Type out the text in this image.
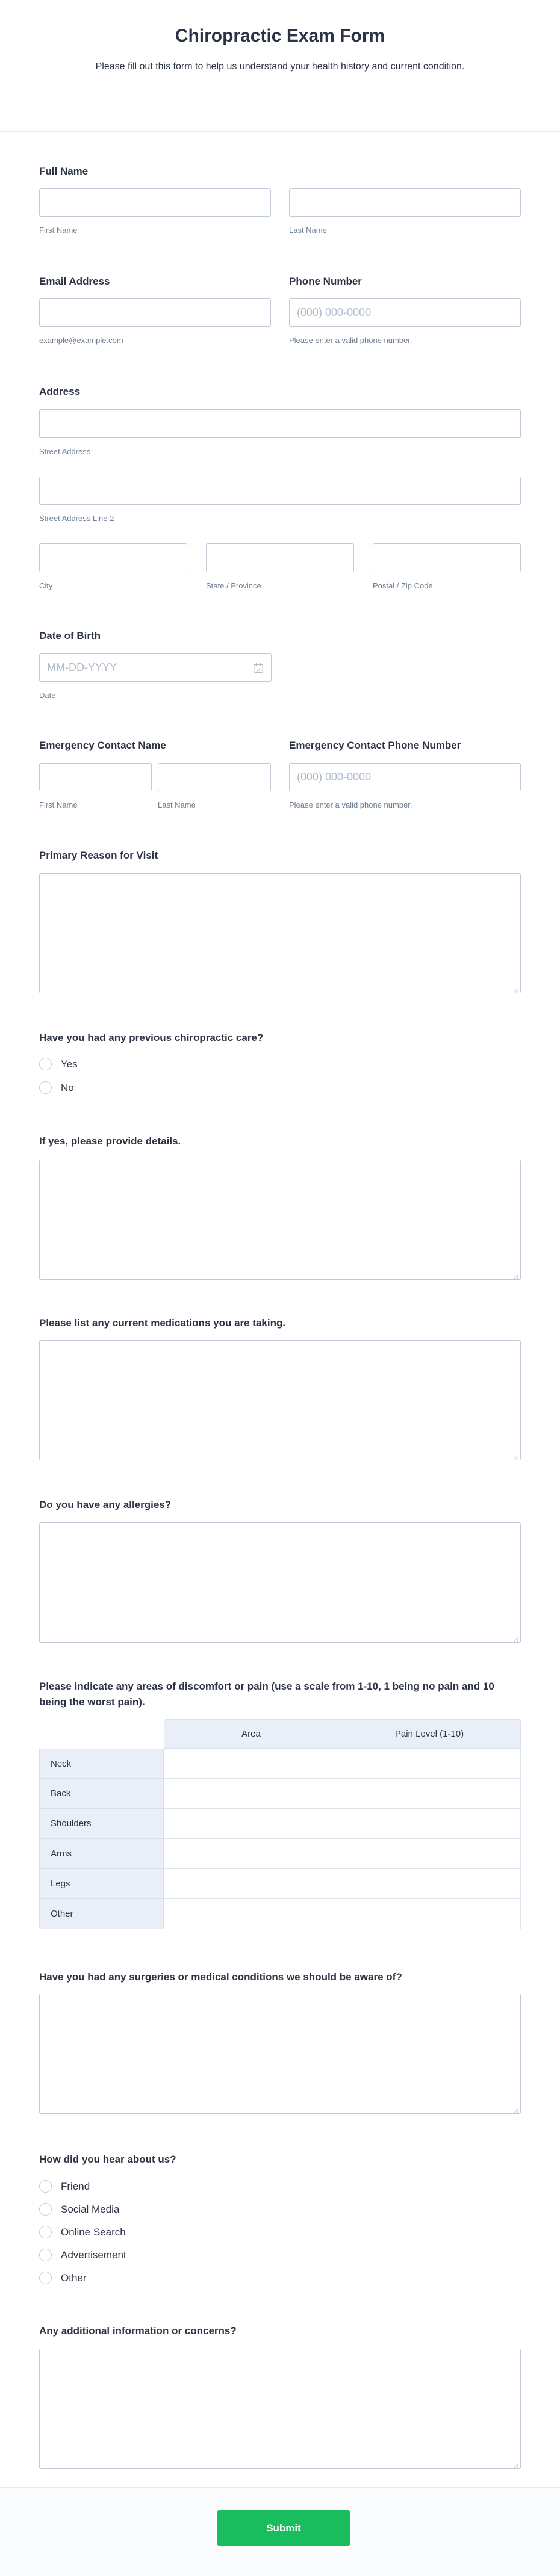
Chiropractic Exam Form
Please fill out this form to help us understand your health history and current condition.
Full Name
First Name	Last Name
Email Address	Phone Number
(000) 000-0000
example@example.com	Please enter a valid phone number.
Address
Street Address
Street Address Line 2
City	State / Province	Postal / Zip Code
Date of Birth
MM-DD-YYYY
Date
Emergency Contact Name	Emergency Contact Phone Number
(000) 000-0000
First Name	Last Name	Please enter a valid phone number.
Primary Reason for Visit
Have you had any previous chiropractic care?
Yes
No
If yes, please provide details.
Please list any current medications you are taking.
Do you have any allergies?
Please indicate any areas of discomfort or pain (use a scale from 1-10, 1 being no pain and 10 being the worst pain).
Area	Pain Level (1-10)
Neck
Back
Shoulders
Arms
Legs
Other
Have you had any surgeries or medical conditions we should be aware of?
How did you hear about us?
Friend
Social Media
Online Search
Advertisement
Other
Any additional information or concerns?
Submit
